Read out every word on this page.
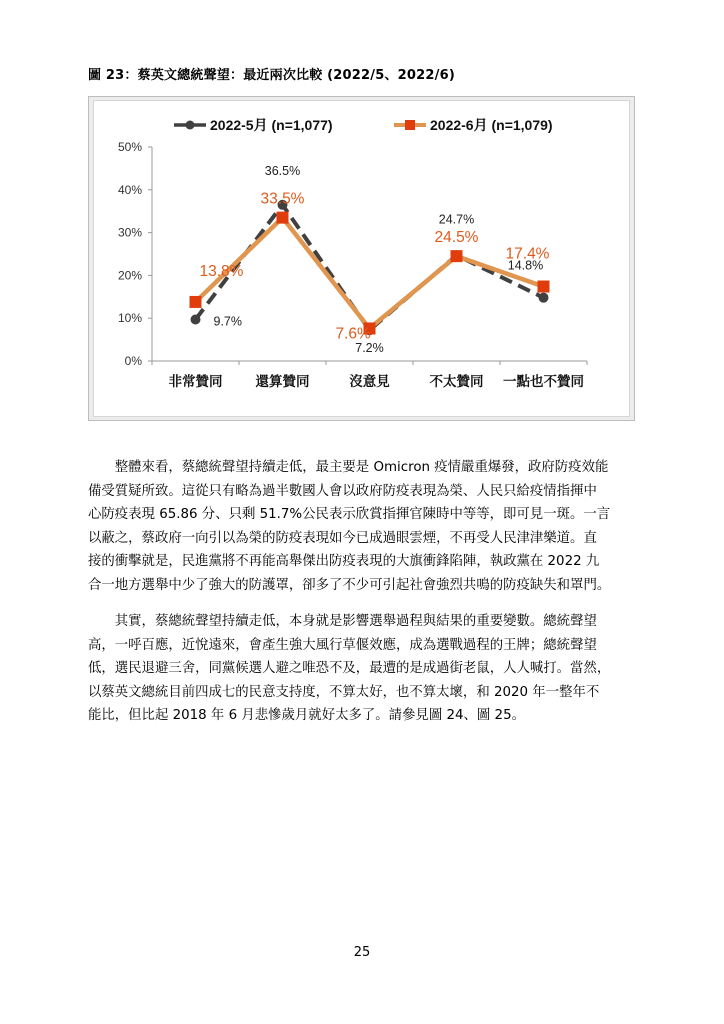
圖 23：蔡英文總統聲望：最近兩次比較 (2022/5、2022/6)
0%
10%
20%
30%
40%
50%
非常贊同 還算贊同	沒意見	不太贊同 一點也不贊同
2022-5月 (n=1,077)	2022-6月 (n=1,079)
9.7%
36.5%
7.2%
24.7%
14.8%
13.8%
33.5%
7.6%
24.5%
17.4%
　　整體來看，蔡總統聲望持續走低，最主要是 Omicron 疫情嚴重爆發，政府防疫效能
備受質疑所致。這從只有略為過半數國人會以政府防疫表現為榮、人民只給疫情指揮中
心防疫表現 65.86 分、只剩 51.7%公民表示欣賞指揮官陳時中等等，即可見一斑。一言
以蔽之，蔡政府一向引以為榮的防疫表現如今已成過眼雲煙，不再受人民津津樂道。直
接的衝擊就是，民進黨將不再能高舉傑出防疫表現的大旗衝鋒陷陣，執政黨在 2022 九
合一地方選舉中少了強大的防護罩，卻多了不少可引起社會強烈共鳴的防疫缺失和罩門。
　　其實，蔡總統聲望持續走低，本身就是影響選舉過程與結果的重要變數。總統聲望
高，一呼百應，近悅遠來，會產生強大風行草偃效應，成為選戰過程的王牌；總統聲望
低，選民退避三舍，同黨候選人避之唯恐不及，最遭的是成過街老鼠，人人喊打。當然，
以蔡英文總統目前四成七的民意支持度，不算太好，也不算太壞，和 2020 年一整年不
能比，但比起 2018 年 6 月悲慘歲月就好太多了。請參見圖 24、圖 25。
25
